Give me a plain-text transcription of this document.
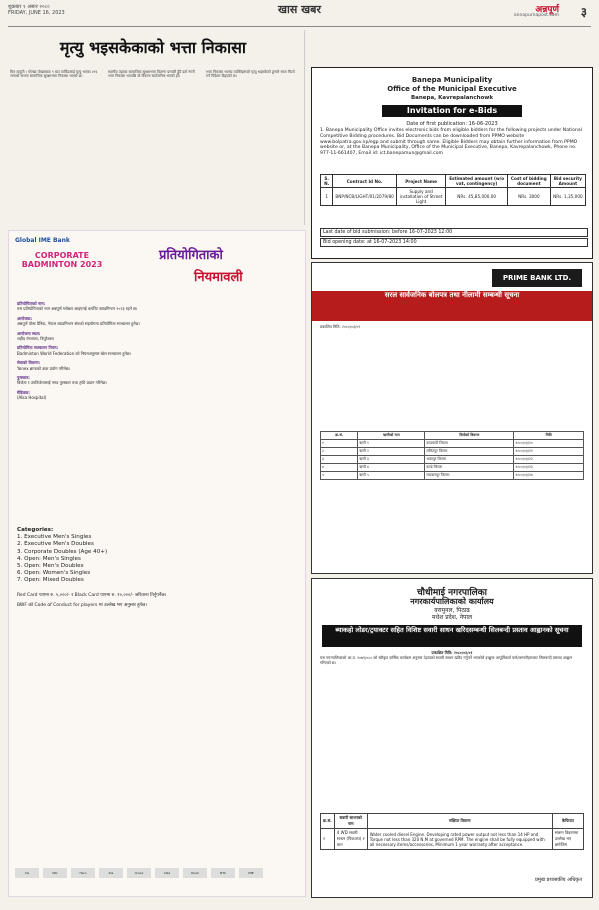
शुक्रबार १ असार २०८०
FRIDAY, JUNE 16, 2023	खास खबर	अन्नपूर्ण
annapurnapost.com ३
मृत्यु भइसकेकाको भत्ता निकासा
चित्र ठाकुरी । गोरखा पोखराबाट ९ बटा पार्किङलाई मृत्यु भएका २१६ जनाको नाममा सामाजिक सुरक्षाभत्ता निकासा भएको छ।
स्थानीय तहबाट सामाजिक सुरक्षाभत्ता वितरण प्रणाली हुँदै दर्ता नगरी भत्ता निकासा भएपछि यो विवरण सार्वजनिक भएको हो।
भत्ता निकासा भएका व्यक्तिहरूको मृत्यु भइसकेको हुनाले रकम फिर्ता गर्न निर्देशन दिइएको छ।
Global IME Bank
CORPORATE BADMINTON 2023
प्रतियोगिताको
नियमावली
प्रतियोगिताको नाम:
यस प्रतियोगिताको नाम अन्नपूर्ण ग्लोबल आइएमई कर्पोरेट ब्याडमिन्टन २०२३ रहने छ।
आयोजक:
अन्नपूर्ण पोस्ट दैनिक, नेपाल ब्याडमिन्टन संघको सहयोगमा प्रतियोगिता सञ्चालन हुनेछ।
आयोजना स्थल:
शहीद रंगशाला, त्रिपुरेश्वर।
प्रतियोगिता सञ्चालन नियम:
Badminton World Federation को नियमअनुसार खेल सञ्चालन हुनेछ।
सेवाको विवरण:
Yonex ब्रान्डको कक प्रयोग गरिनेछ।
पुरस्कार:
विजेता र उपविजेतालाई नगद पुरस्कार तथा ट्रफी प्रदान गरिनेछ।
मेडिकल:
(Alka Hospital)
Categories:
1. Executive Men's Singles
2. Executive Men's Doubles
3. Corporate Doubles (Age 40+)
4. Open: Men's Singles
5. Open: Men's Doubles
6. Open: Women's Singles
7. Open: Mixed Doubles
Red Card पाएमा रु. ५,०००/- र Black Card पाएमा रु. १०,०००/- जरिवाना तिर्नुपर्नेछ।
BWF को Code of Conduct for players मा उल्लेख भए अनुसार हुनेछ।
CG	NIC	Hero	Kia	Yonex	Alka	Ncell	NTC	IME
Banepa Municipality
Office of the Municipal Executive
Banepa, Kavrepalanchowk
Invitation for e-Bids
Date of first publication: 16-06-2023
1. Banepa Municipality Office invites electronic bids from eligible bidders for the following projects under National Competitive Bidding procedures. Bid Documents can be downloaded from PPMO website www.bolpatra.gov.np/egp and submit through same. Eligible Bidders may obtain further information from PPMO website or, at the Banepa Municipality, Office of the Municipal Executive, Banepa, Kavrepalanchowk, Phone no. 977-11-661407, Email id: ict.banepamun@gmail.com
S. N.	Contract Id No.	Project Name	Estimated amount (w/o vat, contingency)	Cost of bidding document	Bid security Amount
1	BNP/NCB/LIGHT/01/2079/80	Supply and installation of Street Light	NRs. 45,85,000.00	NRs. 3000	NRs. 1,35,000
Last date of bid submission: before 16-07-2023 12:00
Bid opening date: at 16-07-2023 14:00
PRIME BANK LTD.
सरल सार्वजनिक बोलपत्र तथा नीलामी सम्बन्धी सूचना
प्रकाशित मिति: २०८०/०३/०१
क्र.सं.	ऋणीको नाम	धितोको विवरण	मिति
१	ऋणी १	काठमाडौं जिल्ला	२०८०/०३/२०
२	ऋणी २	ललितपुर जिल्ला	२०८०/०३/२१
३	ऋणी ३	भक्तपुर जिल्ला	२०८०/०३/२२
४	ऋणी ४	काभ्रे जिल्ला	२०८०/०३/२३
५	ऋणी ५	मकवानपुर जिल्ला	२०८०/०३/२४
चौधीमाई नगरपालिका
नगरकार्यपालिकाको कार्यालय
वरामुनल, पिठाढ
मधेश प्रदेश, नेपाल
ब्याकहो लोडर/ट्रयाक्टर सहित विशिष्ट सवारी साधन खरिदसम्बन्धी सिलबन्दी प्रस्ताव आह्वानको सूचना
प्रकाशित मिति: २०८०/०३/०१
यस नगरपालिकाको आ.व. २०७९/०८० को स्वीकृत वार्षिक कार्यक्रम अनुसार देहायको सवारी साधन खरिद गर्नुपर्ने भएकोले इच्छुक आपूर्तिकर्ता फर्म/कम्पनीहरूबाट सिलबन्दी प्रस्ताव आह्वान गरिएको छ।
क्र.सं.	सवारी साधनको नाम	संक्षिप्त विवरण	कैफियत
१	4 WD सवारी साधन (पिकअप) १ थान	Water cooled diesel Engine. Developing rated power output not less than 14 HP and Torque not less than 320 N.M at governed RPM. The engine shall be fully equipped with all necessary items/accessories, Minimum 1 year warranty after acceptance.	संलग्न विवरणमा उल्लेख भए बमोजिम
प्रमुख प्रशासकीय अधिकृत
